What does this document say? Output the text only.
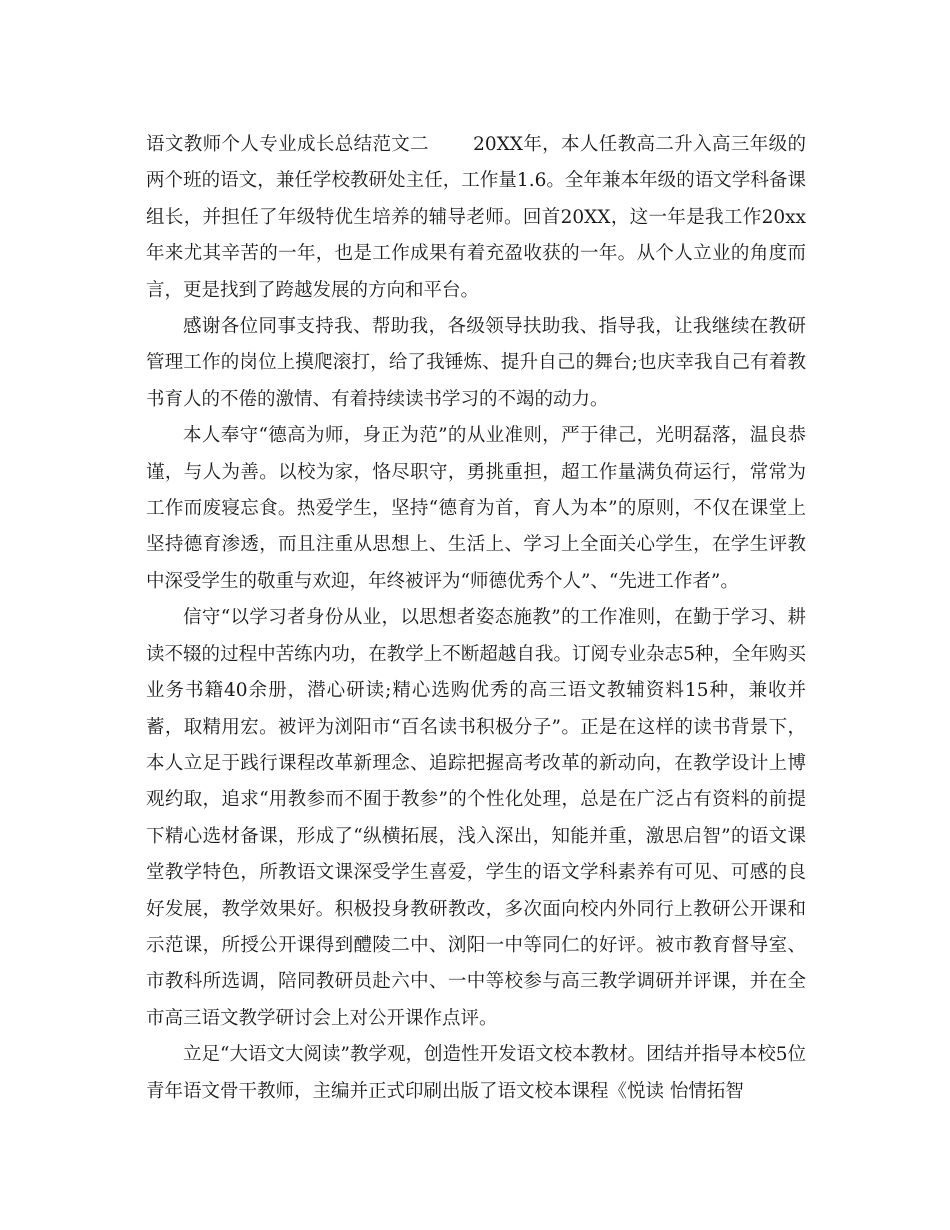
语文教师个人专业成长总结范文二 20XX年，本人任教高二升入高三年级的两个班的语文，兼任学校教研处主任，工作量1.6。全年兼本年级的语文学科备课组长，并担任了年级特优生培养的辅导老师。回首20XX，这一年是我工作20xx年来尤其辛苦的一年，也是工作成果有着充盈收获的一年。从个人立业的角度而言，更是找到了跨越发展的方向和平台。

感谢各位同事支持我、帮助我，各级领导扶助我、指导我，让我继续在教研管理工作的岗位上摸爬滚打，给了我锤炼、提升自己的舞台;也庆幸我自己有着教书育人的不倦的激情、有着持续读书学习的不竭的动力。

本人奉守“德高为师，身正为范”的从业准则，严于律己，光明磊落，温良恭谨，与人为善。以校为家，恪尽职守，勇挑重担，超工作量满负荷运行，常常为工作而废寝忘食。热爱学生，坚持“德育为首，育人为本”的原则，不仅在课堂上坚持德育渗透，而且注重从思想上、生活上、学习上全面关心学生，在学生评教中深受学生的敬重与欢迎，年终被评为“师德优秀个人”、“先进工作者”。

信守“以学习者身份从业，以思想者姿态施教”的工作准则，在勤于学习、耕读不辍的过程中苦练内功，在教学上不断超越自我。订阅专业杂志5种，全年购买业务书籍40余册，潜心研读;精心选购优秀的高三语文教辅资料15种，兼收并蓄，取精用宏。被评为浏阳市“百名读书积极分子”。正是在这样的读书背景下，本人立足于践行课程改革新理念、追踪把握高考改革的新动向，在教学设计上博观约取，追求“用教参而不囿于教参”的个性化处理，总是在广泛占有资料的前提下精心选材备课，形成了“纵横拓展，浅入深出，知能并重，激思启智”的语文课堂教学特色，所教语文课深受学生喜爱，学生的语文学科素养有可见、可感的良好发展，教学效果好。积极投身教研教改，多次面向校内外同行上教研公开课和示范课，所授公开课得到醴陵二中、浏阳一中等同仁的好评。被市教育督导室、市教科所选调，陪同教研员赴六中、一中等校参与高三教学调研并评课，并在全市高三语文教学研讨会上对公开课作点评。

立足“大语文大阅读”教学观，创造性开发语文校本教材。团结并指导本校5位青年语文骨干教师，主编并正式印刷出版了语文校本课程《悦读 怡情拓智
